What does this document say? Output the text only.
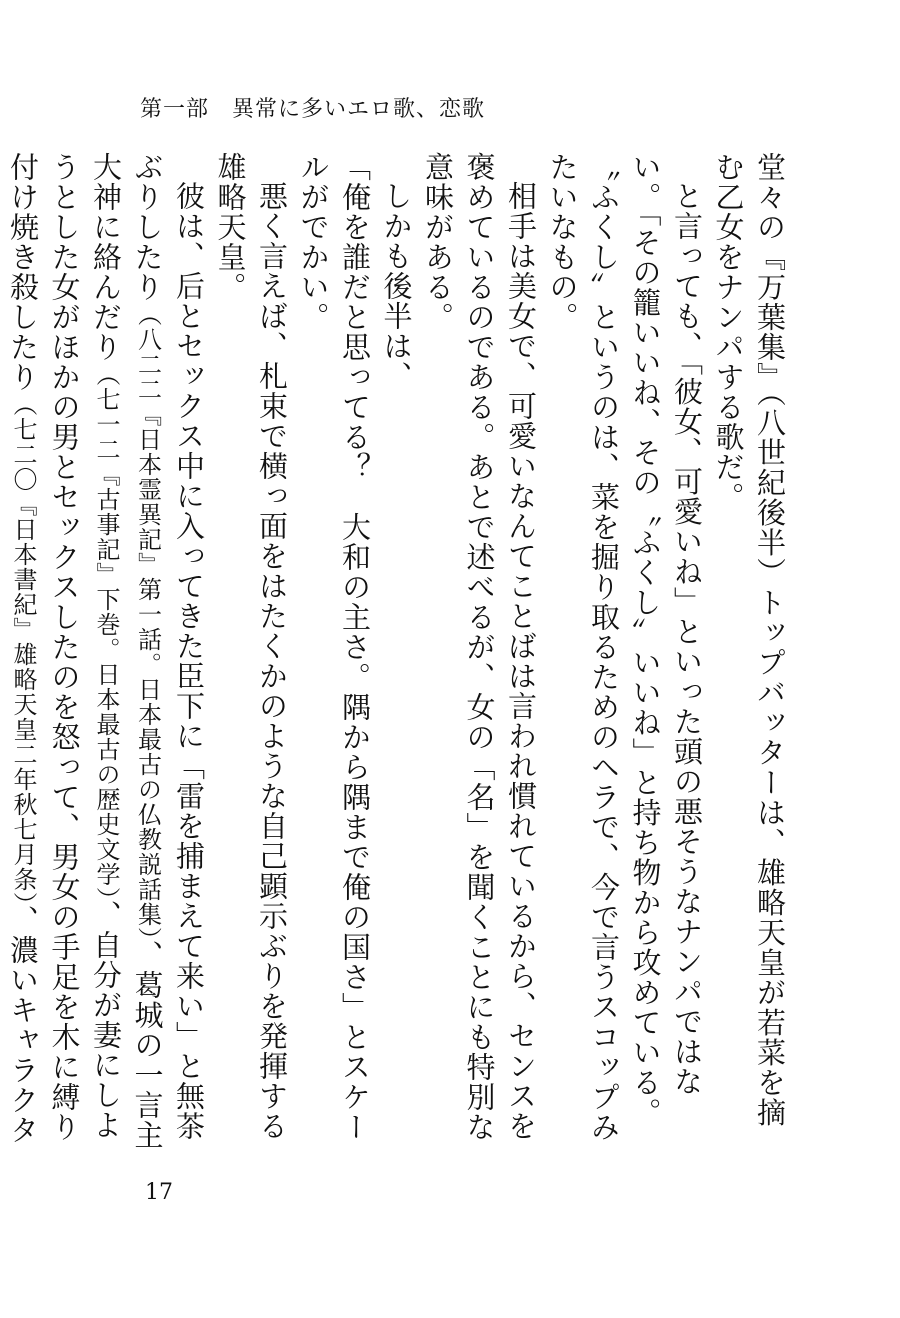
第一部　異常に多いエロ歌、恋歌

堂々の『万葉集』（八世紀後半）トップバッターは、雄略天皇が若菜を摘む乙女をナンパする歌だ。

と言っても、「彼女、可愛いね」といった頭の悪そうなナンパではない。「その籠いいね、その〝ふくし〟いいね」と持ち物から攻めている。〝ふくし〟というのは、菜を掘り取るためのヘラで、今で言うスコップみたいなもの。

相手は美女で、可愛いなんてことばは言われ慣れているから、センスを褒めているのである。あとで述べるが、女の「名」を聞くことにも特別な意味がある。

しかも後半は、

「俺を誰だと思ってる？　大和の主さ。隅から隅まで俺の国さ」とスケールがでかい。

悪く言えば、札束で横っ面をはたくかのような自己顕示ぶりを発揮する雄略天皇。

彼は、后とセックス中に入ってきた臣下に「雷を捕まえて来い」と無茶ぶりしたり（八二二『日本霊異記』第一話。日本最古の仏教説話集）、葛城の一言主大神に絡んだり（七一二『古事記』下巻。日本最古の歴史文学）、自分が妻にしようとした女がほかの男とセックスしたのを怒って、男女の手足を木に縛り付け焼き殺したり（七二〇『日本書紀』雄略天皇二年秋七月条）、濃いキャラクタ

17
